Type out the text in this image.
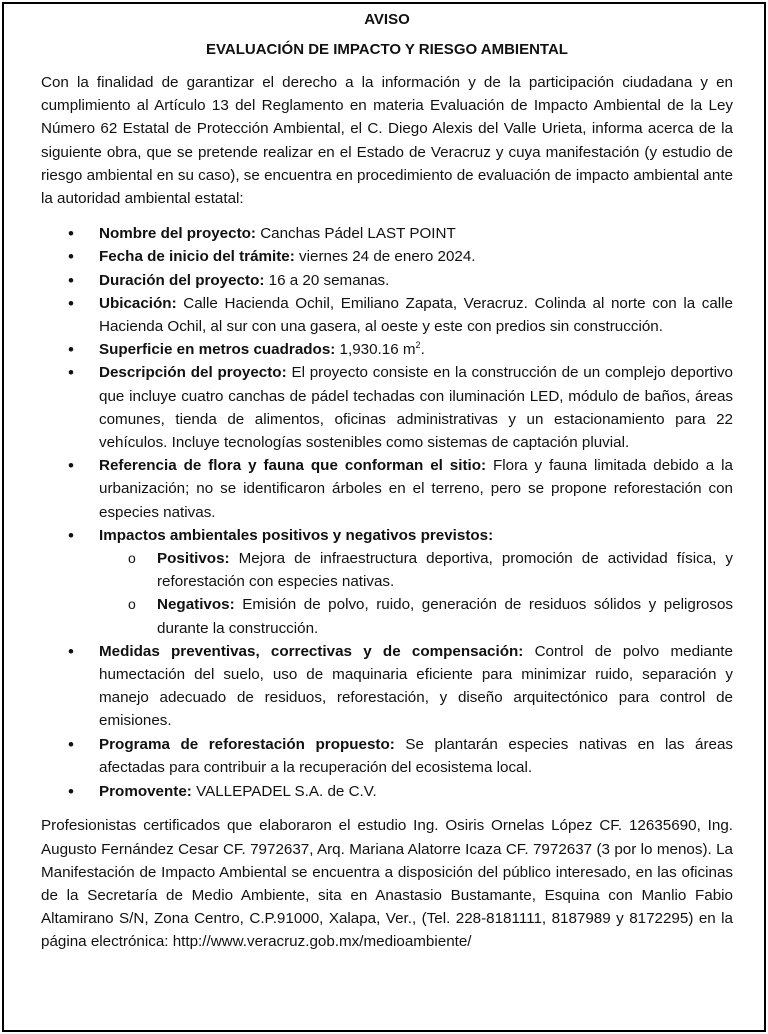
AVISO
EVALUACIÓN DE IMPACTO Y RIESGO AMBIENTAL

Con la finalidad de garantizar el derecho a la información y de la participación ciudadana y en cumplimiento al Artículo 13 del Reglamento en materia Evaluación de Impacto Ambiental de la Ley Número 62 Estatal de Protección Ambiental, el C. Diego Alexis del Valle Urieta, informa acerca de la siguiente obra, que se pretende realizar en el Estado de Veracruz y cuya manifestación (y estudio de riesgo ambiental en su caso), se encuentra en procedimiento de evaluación de impacto ambiental ante la autoridad ambiental estatal:

• Nombre del proyecto: Canchas Pádel LAST POINT
• Fecha de inicio del trámite: viernes 24 de enero 2024.
• Duración del proyecto: 16 a 20 semanas.
• Ubicación: Calle Hacienda Ochil, Emiliano Zapata, Veracruz. Colinda al norte con la calle Hacienda Ochil, al sur con una gasera, al oeste y este con predios sin construcción.
• Superficie en metros cuadrados: 1,930.16 $m^2$.
• Descripción del proyecto: El proyecto consiste en la construcción de un complejo deportivo que incluye cuatro canchas de pádel techadas con iluminación LED, módulo de baños, áreas comunes, tienda de alimentos, oficinas administrativas y un estacionamiento para 22 vehículos. Incluye tecnologías sostenibles como sistemas de captación pluvial.
• Referencia de flora y fauna que conforman el sitio: Flora y fauna limitada debido a la urbanización; no se identificaron árboles en el terreno, pero se propone reforestación con especies nativas.
• Impactos ambientales positivos y negativos previstos:
o Positivos: Mejora de infraestructura deportiva, promoción de actividad física, y reforestación con especies nativas.
o Negativos: Emisión de polvo, ruido, generación de residuos sólidos y peligrosos durante la construcción.
• Medidas preventivas, correctivas y de compensación: Control de polvo mediante humectación del suelo, uso de maquinaria eficiente para minimizar ruido, separación y manejo adecuado de residuos, reforestación, y diseño arquitectónico para control de emisiones.
• Programa de reforestación propuesto: Se plantarán especies nativas en las áreas afectadas para contribuir a la recuperación del ecosistema local.
• Promovente: VALLEPADEL S.A. de C.V.

Profesionistas certificados que elaboraron el estudio Ing. Osiris Ornelas López CF. 12635690, Ing. Augusto Fernández Cesar CF. 7972637, Arq. Mariana Alatorre Icaza CF. 7972637 (3 por lo menos). La Manifestación de Impacto Ambiental se encuentra a disposición del público interesado, en las oficinas de la Secretaría de Medio Ambiente, sita en Anastasio Bustamante, Esquina con Manlio Fabio Altamirano S/N, Zona Centro, C.P.91000, Xalapa, Ver., (Tel. 228-8181111, 8187989 y 8172295) en la página electrónica: http://www.veracruz.gob.mx/medioambiente/
